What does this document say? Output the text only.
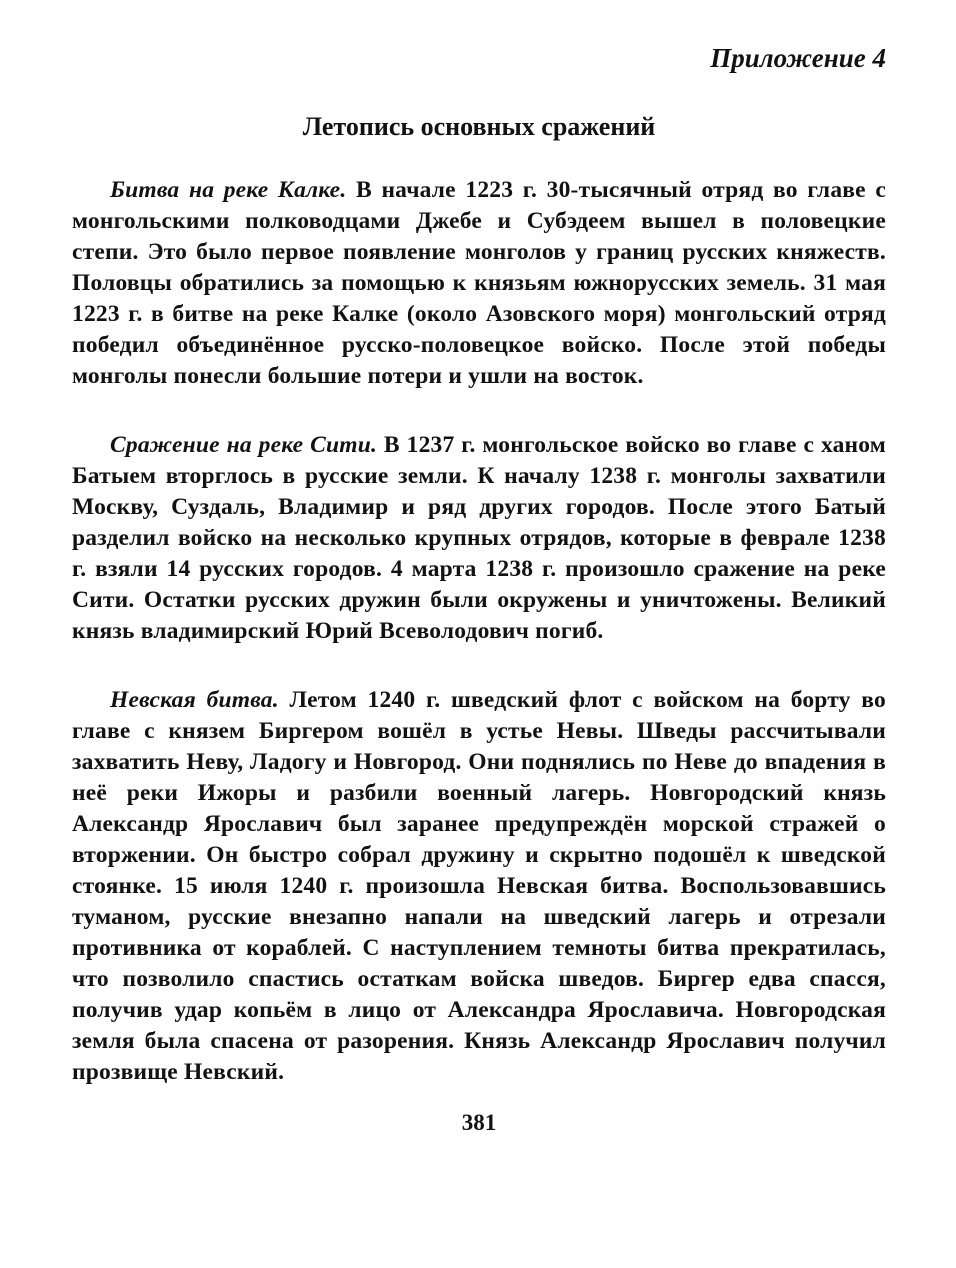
Приложение 4
Летопись основных сражений

Битва на реке Калке. В начале 1223 г. 30-тысячный отряд во главе с монгольскими полководцами Джебе и Субэдеем вышел в половецкие степи. Это было первое появление монголов у границ русских княжеств. Половцы обратились за помощью к князьям южнорусских земель. 31 мая 1223 г. в битве на реке Калке (около Азовского моря) монгольский отряд победил объединённое русско-половецкое войско. После этой победы монголы понесли большие потери и ушли на восток.

Сражение на реке Сити. В 1237 г. монгольское войско во главе с ханом Батыем вторглось в русские земли. К началу 1238 г. монголы захватили Москву, Суздаль, Владимир и ряд других городов. После этого Батый разделил войско на несколько крупных отрядов, которые в феврале 1238 г. взяли 14 русских городов. 4 марта 1238 г. произошло сражение на реке Сити. Остатки русских дружин были окружены и уничтожены. Великий князь владимирский Юрий Всеволодович погиб.

Невская битва. Летом 1240 г. шведский флот с войском на борту во главе с князем Биргером вошёл в устье Невы. Шведы рассчитывали захватить Неву, Ладогу и Новгород. Они поднялись по Неве до впадения в неё реки Ижоры и разбили военный лагерь. Новгородский князь Александр Ярославич был заранее предупреждён морской стражей о вторжении. Он быстро собрал дружину и скрытно подошёл к шведской стоянке. 15 июля 1240 г. произошла Невская битва. Воспользовавшись туманом, русские внезапно напали на шведский лагерь и отрезали противника от кораблей. С наступлением темноты битва прекратилась, что позволило спастись остаткам войска шведов. Биргер едва спасся, получив удар копьём в лицо от Александра Ярославича. Новгородская земля была спасена от разорения. Князь Александр Ярославич получил прозвище Невский.

381
